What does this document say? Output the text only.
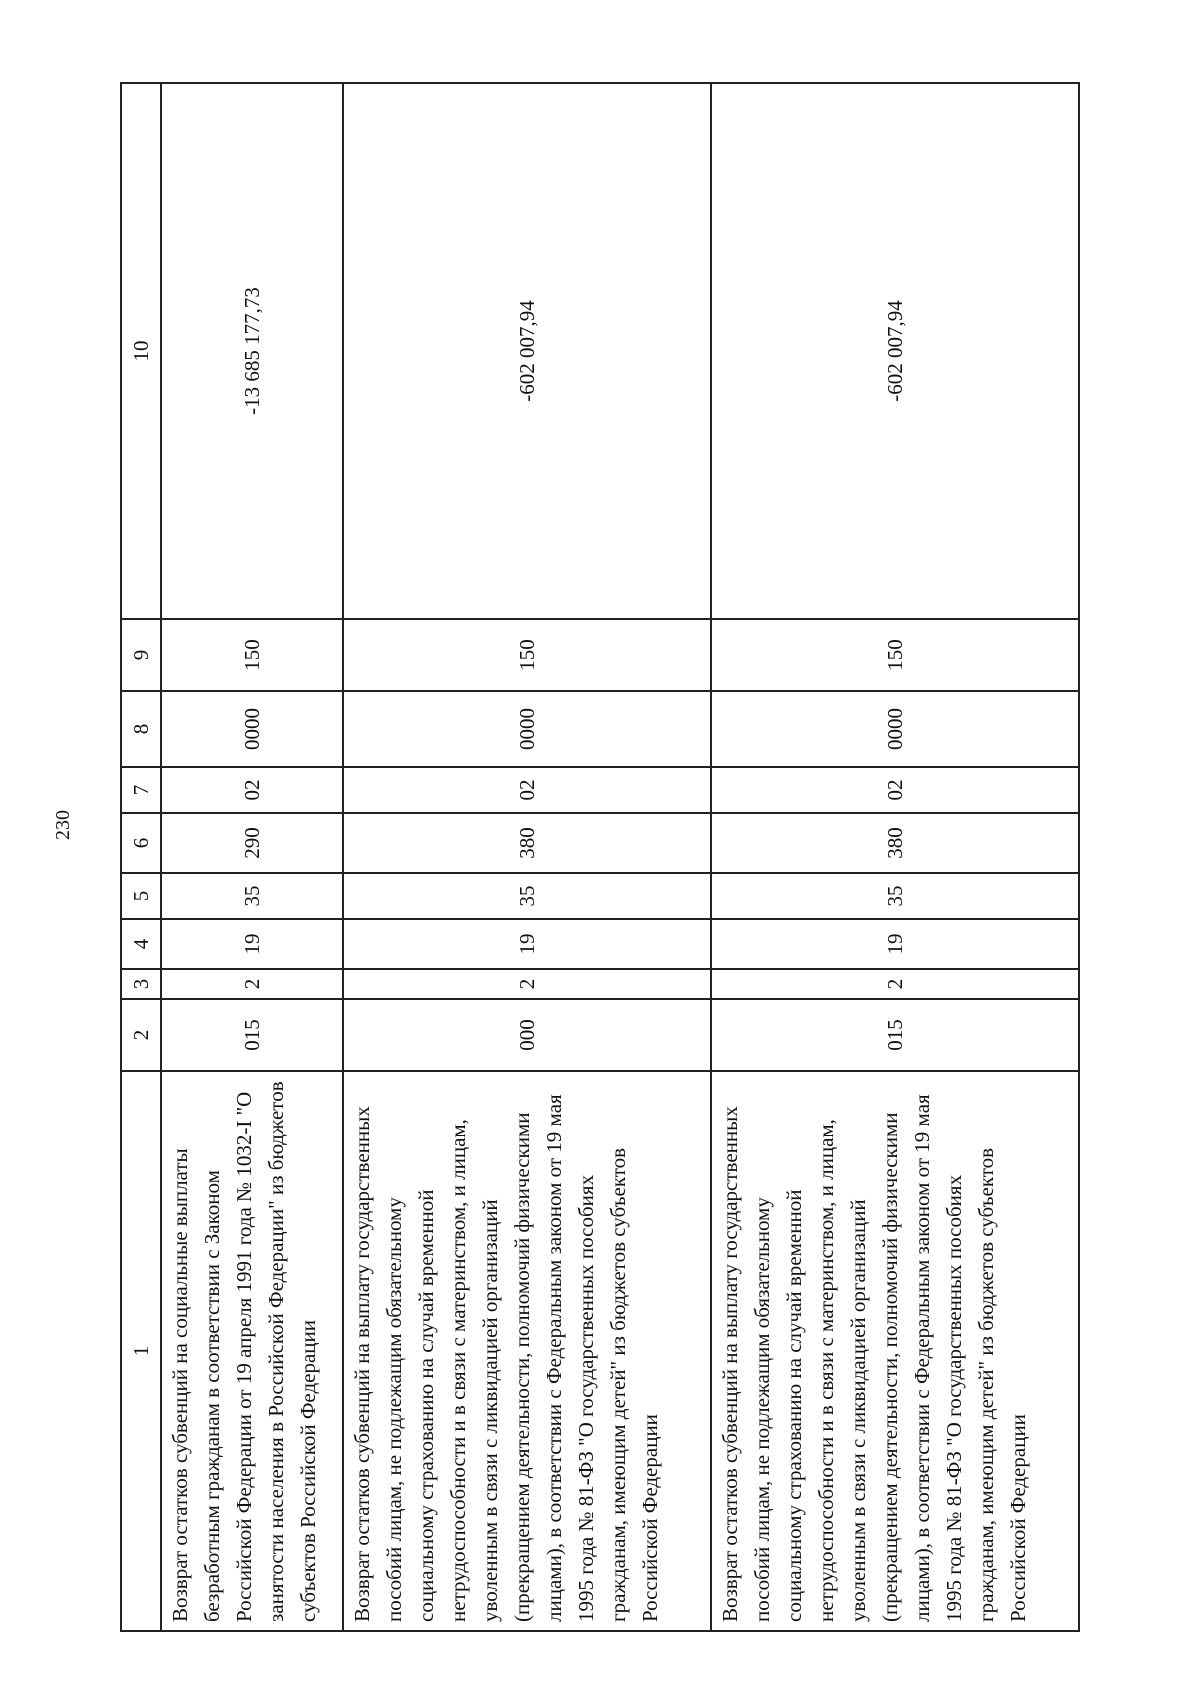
230
1	2	3	4	5	6	7	8	9	10
Возврат остатков субвенций на социальные выплаты безработным гражданам в соответствии с Законом Российской Федерации от 19 апреля 1991 года № 1032-I "О занятости населения в Российской Федерации" из бюджетов субъектов Российской Федерации	015	2	19	35	290	02	0000	150	-13 685 177,73
Возврат остатков субвенций на выплату государственных пособий лицам, не подлежащим обязательному социальному страхованию на случай временной нетрудоспособности и в связи с материнством, и лицам, уволенным в связи с ликвидацией организаций (прекращением деятельности, полномочий физическими лицами), в соответствии с Федеральным законом от 19 мая 1995 года № 81-ФЗ "О государственных пособиях гражданам, имеющим детей" из бюджетов субъектов Российской Федерации	000	2	19	35	380	02	0000	150	-602 007,94
Возврат остатков субвенций на выплату государственных пособий лицам, не подлежащим обязательному социальному страхованию на случай временной нетрудоспособности и в связи с материнством, и лицам, уволенным в связи с ликвидацией организаций (прекращением деятельности, полномочий физическими лицами), в соответствии с Федеральным законом от 19 мая 1995 года № 81-ФЗ "О государственных пособиях гражданам, имеющим детей" из бюджетов субъектов Российской Федерации	015	2	19	35	380	02	0000	150	-602 007,94
